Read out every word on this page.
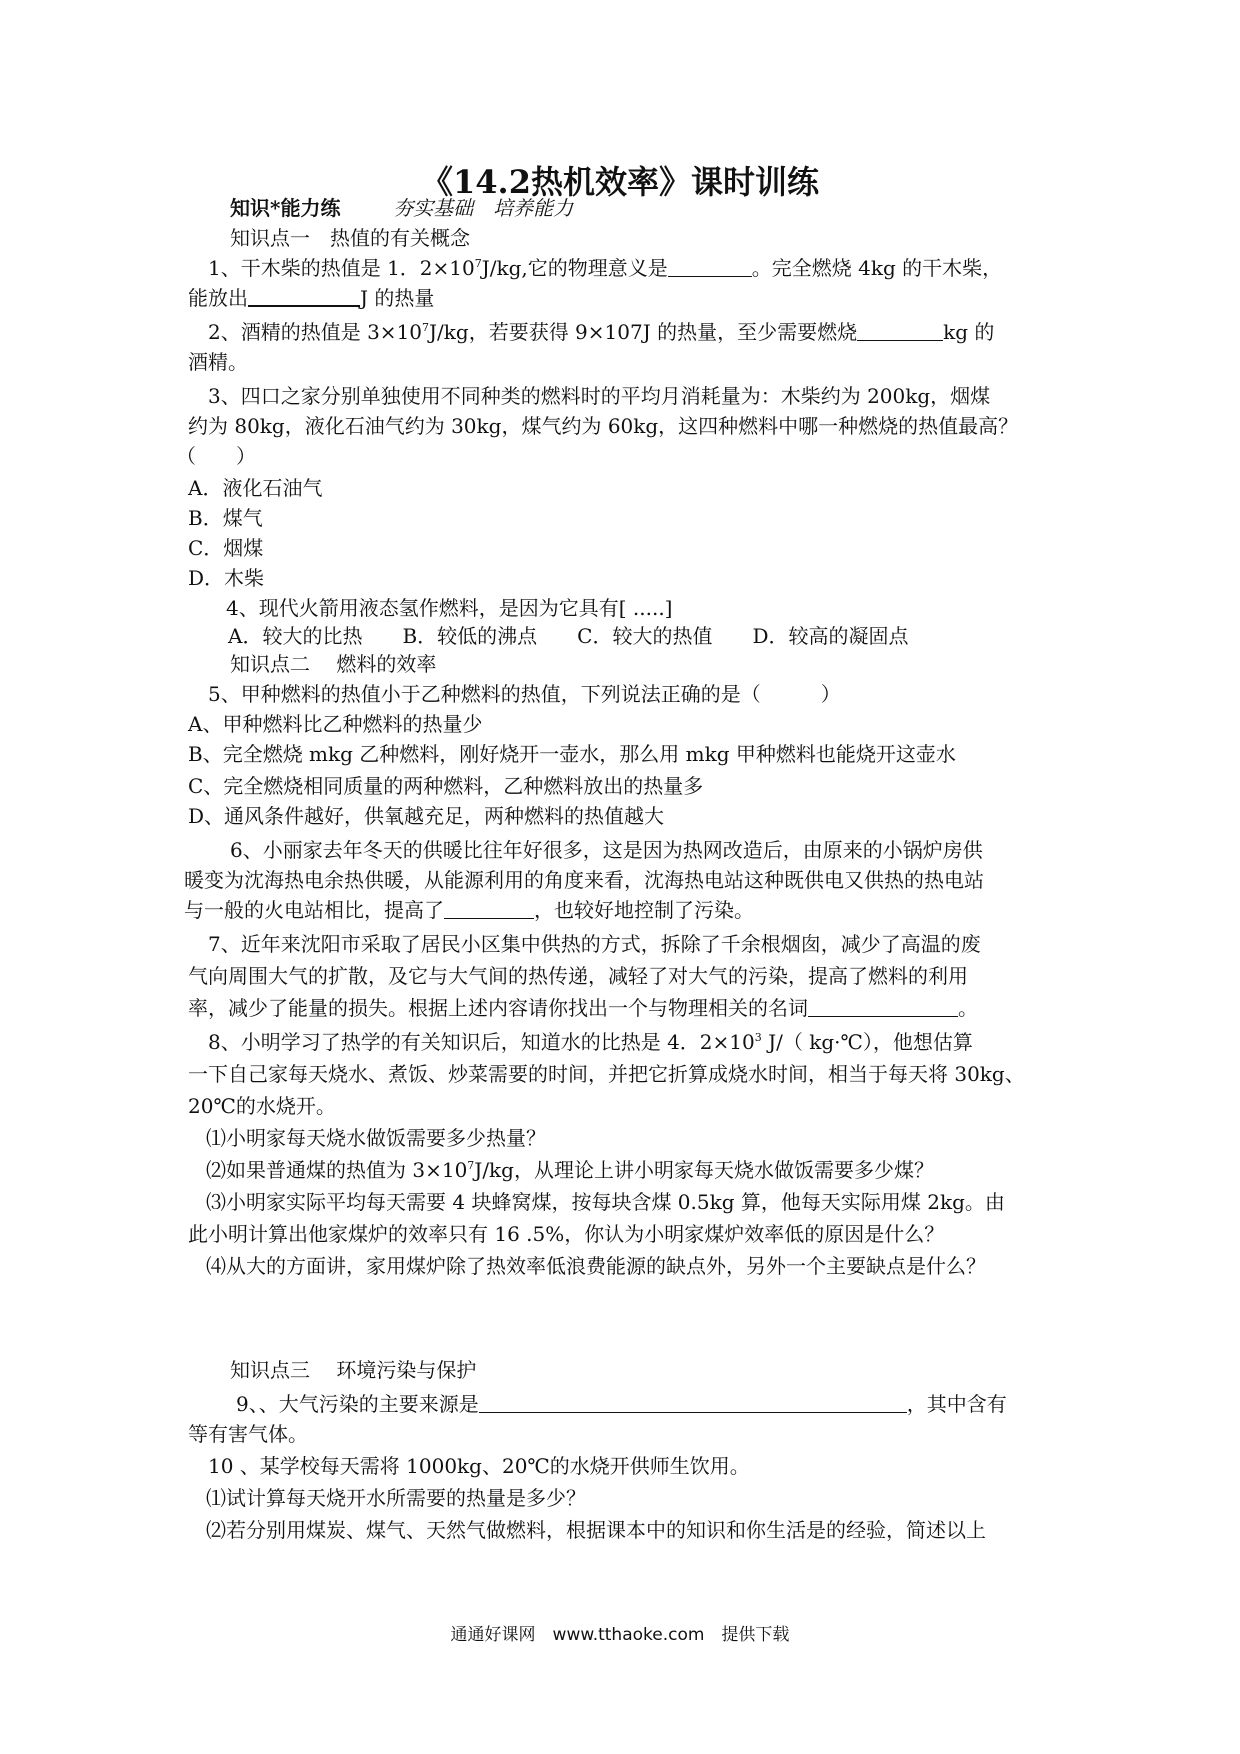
《14.2热机效率》课时训练
知识*能力练	夯实基础　培养能力
知识点一　热值的有关概念
1、干木柴的热值是 1．$2\times 10^7J/kg$,它的物理意义是	。完全燃烧 4kg 的干木柴，
能放出	J 的热量
2、酒精的热值是 $3\times 10^7J/kg$，若要获得 9×107J 的热量，至少需要燃烧	kg 的
酒精。
3、四口之家分别单独使用不同种类的燃料时的平均月消耗量为：木柴约为 200kg，烟煤
约为 80kg，液化石油气约为 30kg，煤气约为 60kg，这四种燃料中哪一种燃烧的热值最高？
（　　）
A．液化石油气
B．煤气
C．烟煤
D．木柴
4、现代火箭用液态氢作燃料，是因为它具有[ .....]
A．较大的比热　　B．较低的沸点　　C．较大的热值　　D．较高的凝固点
知识点二　 燃料的效率
5、甲种燃料的热值小于乙种燃料的热值，下列说法正确的是（　　　）
A、甲种燃料比乙种燃料的热量少
B、完全燃烧 mkg 乙种燃料，刚好烧开一壶水，那么用 mkg 甲种燃料也能烧开这壶水
C、完全燃烧相同质量的两种燃料，乙种燃料放出的热量多
D、通风条件越好，供氧越充足，两种燃料的热值越大
6、小丽家去年冬天的供暖比往年好很多，这是因为热网改造后，由原来的小锅炉房供
暖变为沈海热电余热供暖，从能源利用的角度来看，沈海热电站这种既供电又供热的热电站
与一般的火电站相比，提高了	，也较好地控制了污染。
7、近年来沈阳市采取了居民小区集中供热的方式，拆除了千余根烟囱，减少了高温的废
气向周围大气的扩散，及它与大气间的热传递，减轻了对大气的污染，提高了燃料的利用
率，减少了能量的损失。根据上述内容请你找出一个与物理相关的名词	。
8、小明学习了热学的有关知识后，知道水的比热是 4．$2\times 10^3$ J/（ kg·℃），他想估算
一下自己家每天烧水、煮饭、炒菜需要的时间，并把它折算成烧水时间，相当于每天将 30kg、
20℃的水烧开。
⑴小明家每天烧水做饭需要多少热量？
⑵如果普通煤的热值为 $3\times 10^7J/kg$，从理论上讲小明家每天烧水做饭需要多少煤？
⑶小明家实际平均每天需要 4 块蜂窝煤，按每块含煤 0.5kg 算，他每天实际用煤 2kg。由
此小明计算出他家煤炉的效率只有 16 .5%，你认为小明家煤炉效率低的原因是什么？
⑷从大的方面讲，家用煤炉除了热效率低浪费能源的缺点外，另外一个主要缺点是什么？
知识点三　 环境污染与保护
9、、大气污染的主要来源是	，其中含有
等有害气体。
10 、某学校每天需将 1000kg、20℃的水烧开供师生饮用。
⑴试计算每天烧开水所需要的热量是多少？
⑵若分别用煤炭、煤气、天然气做燃料，根据课本中的知识和你生活是的经验，简述以上
通通好课网　www.tthaoke.com　提供下载
